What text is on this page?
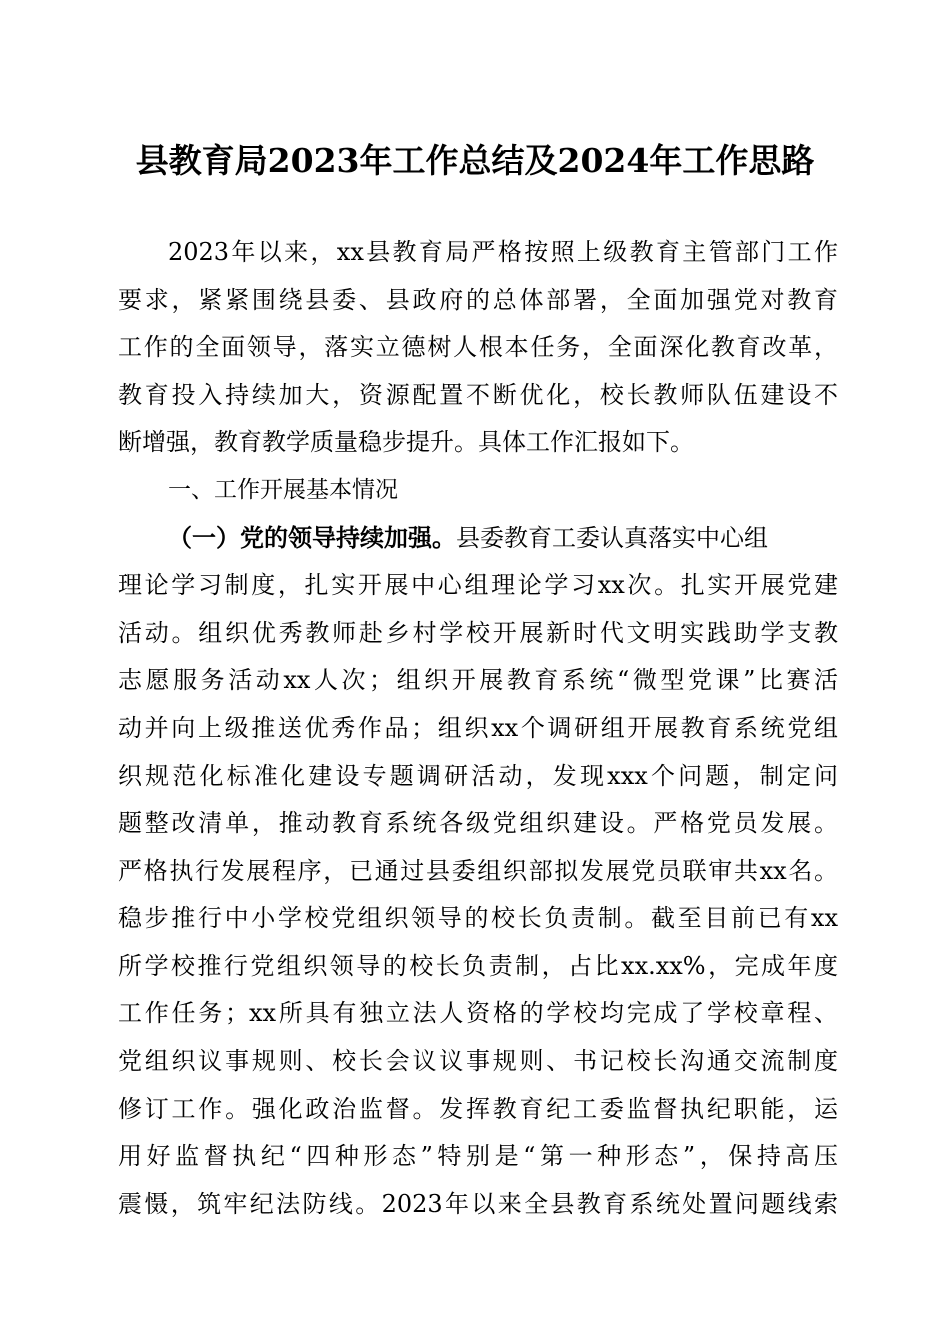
县教育局2023年工作总结及2024年工作思路
2023年以来，xx县教育局严格按照上级教育主管部门工作
要求，紧紧围绕县委、县政府的总体部署，全面加强党对教育
工作的全面领导，落实立德树人根本任务，全面深化教育改革，
教育投入持续加大，资源配置不断优化，校长教师队伍建设不
断增强，教育教学质量稳步提升。具体工作汇报如下。
一、工作开展基本情况
（一）党的领导持续加强。县委教育工委认真落实中心组
理论学习制度，扎实开展中心组理论学习xx次。扎实开展党建
活动。组织优秀教师赴乡村学校开展新时代文明实践助学支教
志愿服务活动xx人次；组织开展教育系统“微型党课”比赛活
动并向上级推送优秀作品；组织xx个调研组开展教育系统党组
织规范化标准化建设专题调研活动，发现xxx个问题，制定问
题整改清单，推动教育系统各级党组织建设。严格党员发展。
严格执行发展程序，已通过县委组织部拟发展党员联审共xx名。
稳步推行中小学校党组织领导的校长负责制。截至目前已有xx
所学校推行党组织领导的校长负责制，占比xx.xx%，完成年度
工作任务；xx所具有独立法人资格的学校均完成了学校章程、
党组织议事规则、校长会议议事规则、书记校长沟通交流制度
修订工作。强化政治监督。发挥教育纪工委监督执纪职能，运
用好监督执纪“四种形态”特别是“第一种形态”，保持高压
震慑，筑牢纪法防线。2023年以来全县教育系统处置问题线索
